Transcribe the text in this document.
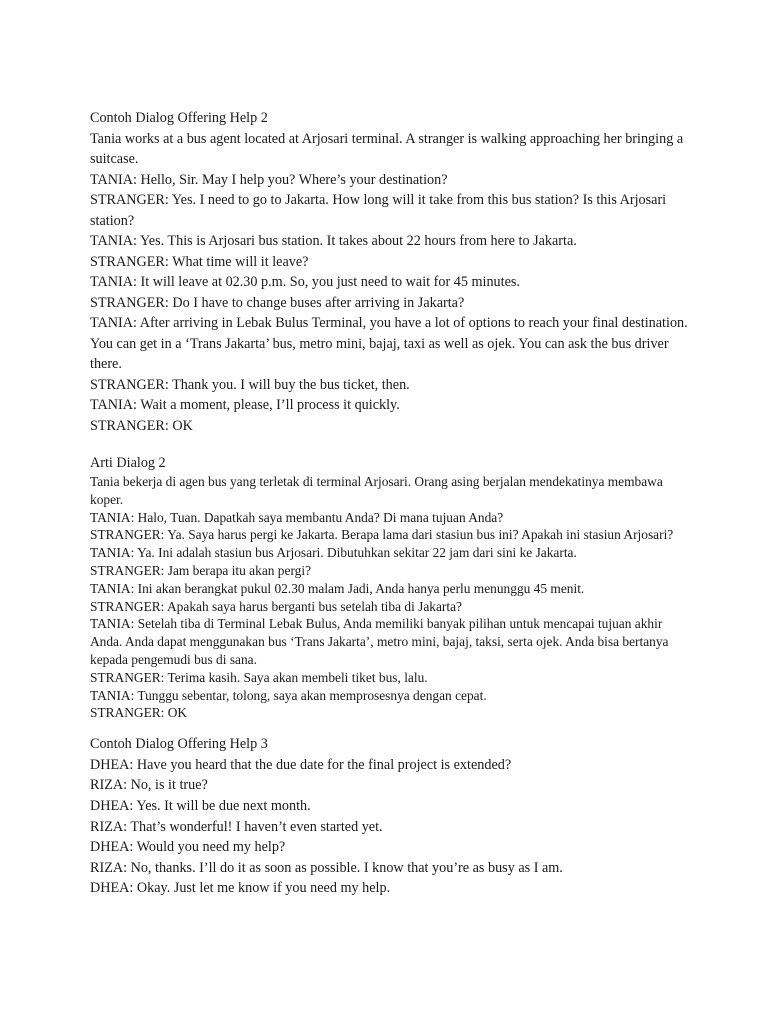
Contoh Dialog Offering Help 2
Tania works at a bus agent located at Arjosari terminal. A stranger is walking approaching her bringing a suitcase.
TANIA: Hello, Sir. May I help you? Where’s your destination?
STRANGER: Yes. I need to go to Jakarta. How long will it take from this bus station? Is this Arjosari station?
TANIA: Yes. This is Arjosari bus station. It takes about 22 hours from here to Jakarta.
STRANGER: What time will it leave?
TANIA: It will leave at 02.30 p.m. So, you just need to wait for 45 minutes.
STRANGER: Do I have to change buses after arriving in Jakarta?
TANIA: After arriving in Lebak Bulus Terminal, you have a lot of options to reach your final destination. You can get in a ‘Trans Jakarta’ bus, metro mini, bajaj, taxi as well as ojek. You can ask the bus driver there.
STRANGER: Thank you. I will buy the bus ticket, then.
TANIA: Wait a moment, please, I’ll process it quickly.
STRANGER: OK
Arti Dialog 2
Tania bekerja di agen bus yang terletak di terminal Arjosari. Orang asing berjalan mendekatinya membawa koper.
TANIA: Halo, Tuan. Dapatkah saya membantu Anda? Di mana tujuan Anda?
STRANGER: Ya. Saya harus pergi ke Jakarta. Berapa lama dari stasiun bus ini? Apakah ini stasiun Arjosari?
TANIA: Ya. Ini adalah stasiun bus Arjosari. Dibutuhkan sekitar 22 jam dari sini ke Jakarta.
STRANGER: Jam berapa itu akan pergi?
TANIA: Ini akan berangkat pukul 02.30 malam Jadi, Anda hanya perlu menunggu 45 menit.
STRANGER: Apakah saya harus berganti bus setelah tiba di Jakarta?
TANIA: Setelah tiba di Terminal Lebak Bulus, Anda memiliki banyak pilihan untuk mencapai tujuan akhir Anda. Anda dapat menggunakan bus ‘Trans Jakarta’, metro mini, bajaj, taksi, serta ojek. Anda bisa bertanya kepada pengemudi bus di sana.
STRANGER: Terima kasih. Saya akan membeli tiket bus, lalu.
TANIA: Tunggu sebentar, tolong, saya akan memprosesnya dengan cepat.
STRANGER: OK
Contoh Dialog Offering Help 3
DHEA: Have you heard that the due date for the final project is extended?
RIZA: No, is it true?
DHEA: Yes. It will be due next month.
RIZA: That’s wonderful! I haven’t even started yet.
DHEA: Would you need my help?
RIZA: No, thanks. I’ll do it as soon as possible. I know that you’re as busy as I am.
DHEA: Okay. Just let me know if you need my help.
